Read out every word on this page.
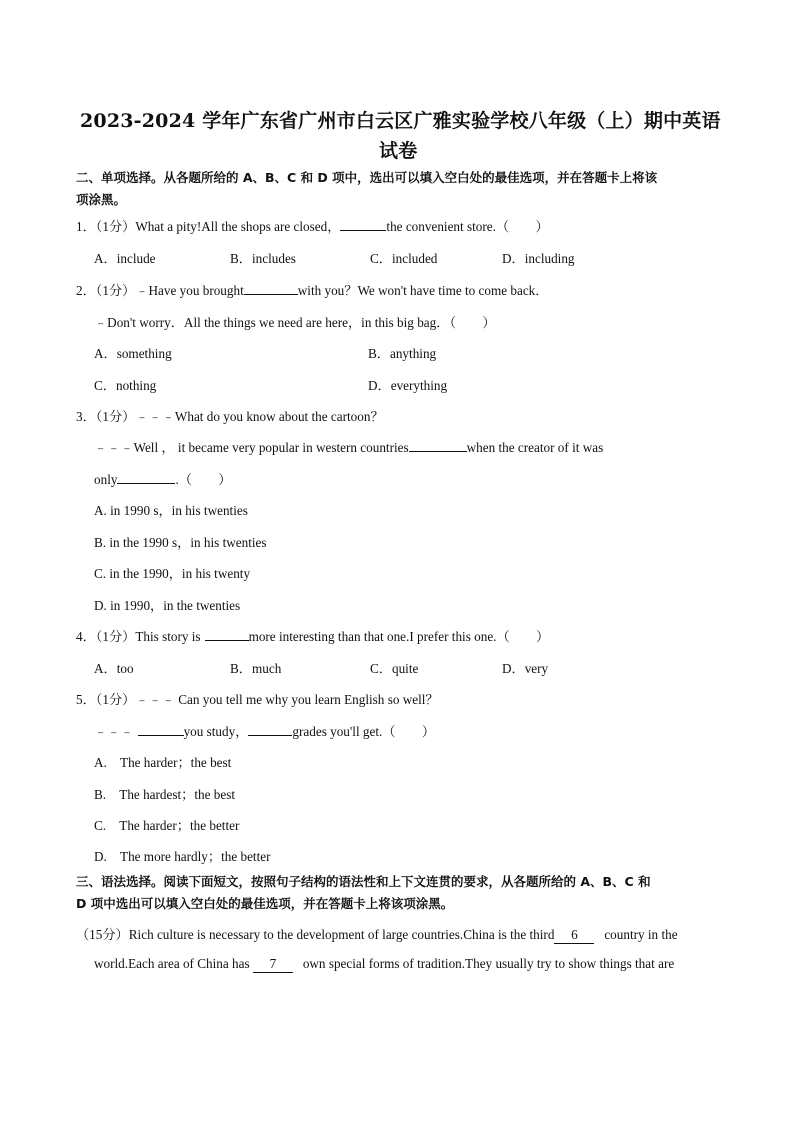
2023-2024 学年广东省广州市白云区广雅实验学校八年级（上）期中英语
试卷
二、单项选择。从各题所给的 A、B、C 和 D 项中，选出可以填入空白处的最佳选项，并在答题卡上将该
项涂黑。
1．（1分）What a pity!All the shops are closed，	the convenient store.（　　）
A．include	B．includes	C．included	D．including
2．（1分）﹣Have you brought	with you？We won't have time to come back．
﹣Don't worry．All the things we need are here，in this big bag．（　　）
A．something	B．anything
C．nothing	D．everything
3．（1分）﹣﹣﹣What do you know about the cartoon？
﹣﹣﹣Well ， it became very popular in western countries	when the creator of it was
only	.（　　）
A. in 1990 s，in his twenties
B. in the 1990 s，in his twenties
C. in the 1990，in his twenty
D. in 1990，in the twenties
4．（1分）This story is	more interesting than that one.I prefer this one.（　　）
A．too	B．much	C．quite	D．very
5．（1分）﹣﹣﹣ Can you tell me why you learn English so well？
﹣﹣﹣	you study，	grades you'll get.（　　）
A.　The harder；the best
B.　The hardest；the best
C.　The harder；the better
D.　The more hardly；the better
三、语法选择。阅读下面短文，按照句子结构的语法性和上下文连贯的要求，从各题所给的 A、B、C 和
D 项中选出可以填入空白处的最佳选项，并在答题卡上将该项涂黑。
（15分）Rich culture is necessary to the development of large countries.China is the third 6 country in the
world.Each area of China has 7 own special forms of tradition.They usually try to show things that are
